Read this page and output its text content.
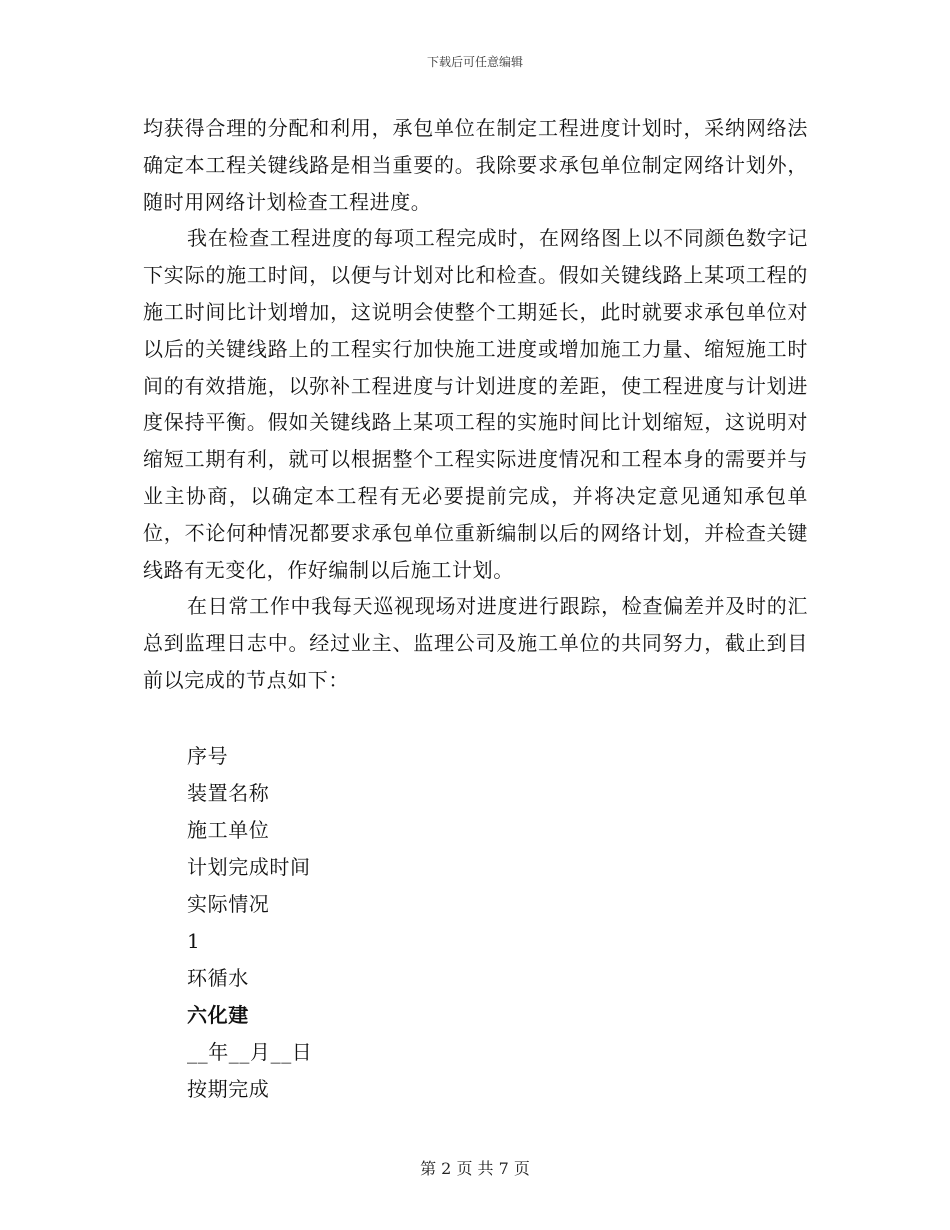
下载后可任意编辑

均获得合理的分配和利用，承包单位在制定工程进度计划时，采纳网络法确定本工程关键线路是相当重要的。我除要求承包单位制定网络计划外，随时用网络计划检查工程进度。

我在检查工程进度的每项工程完成时，在网络图上以不同颜色数字记下实际的施工时间，以便与计划对比和检查。假如关键线路上某项工程的施工时间比计划增加，这说明会使整个工期延长，此时就要求承包单位对以后的关键线路上的工程实行加快施工进度或增加施工力量、缩短施工时间的有效措施，以弥补工程进度与计划进度的差距，使工程进度与计划进度保持平衡。假如关键线路上某项工程的实施时间比计划缩短，这说明对缩短工期有利，就可以根据整个工程实际进度情况和工程本身的需要并与业主协商，以确定本工程有无必要提前完成，并将决定意见通知承包单位，不论何种情况都要求承包单位重新编制以后的网络计划，并检查关键线路有无变化，作好编制以后施工计划。

在日常工作中我每天巡视现场对进度进行跟踪，检查偏差并及时的汇总到监理日志中。经过业主、监理公司及施工单位的共同努力，截止到目前以完成的节点如下：

序号
装置名称
施工单位
计划完成时间
实际情况
1
环循水
六化建
__年__月__日
按期完成
第 2 页 共 7 页
